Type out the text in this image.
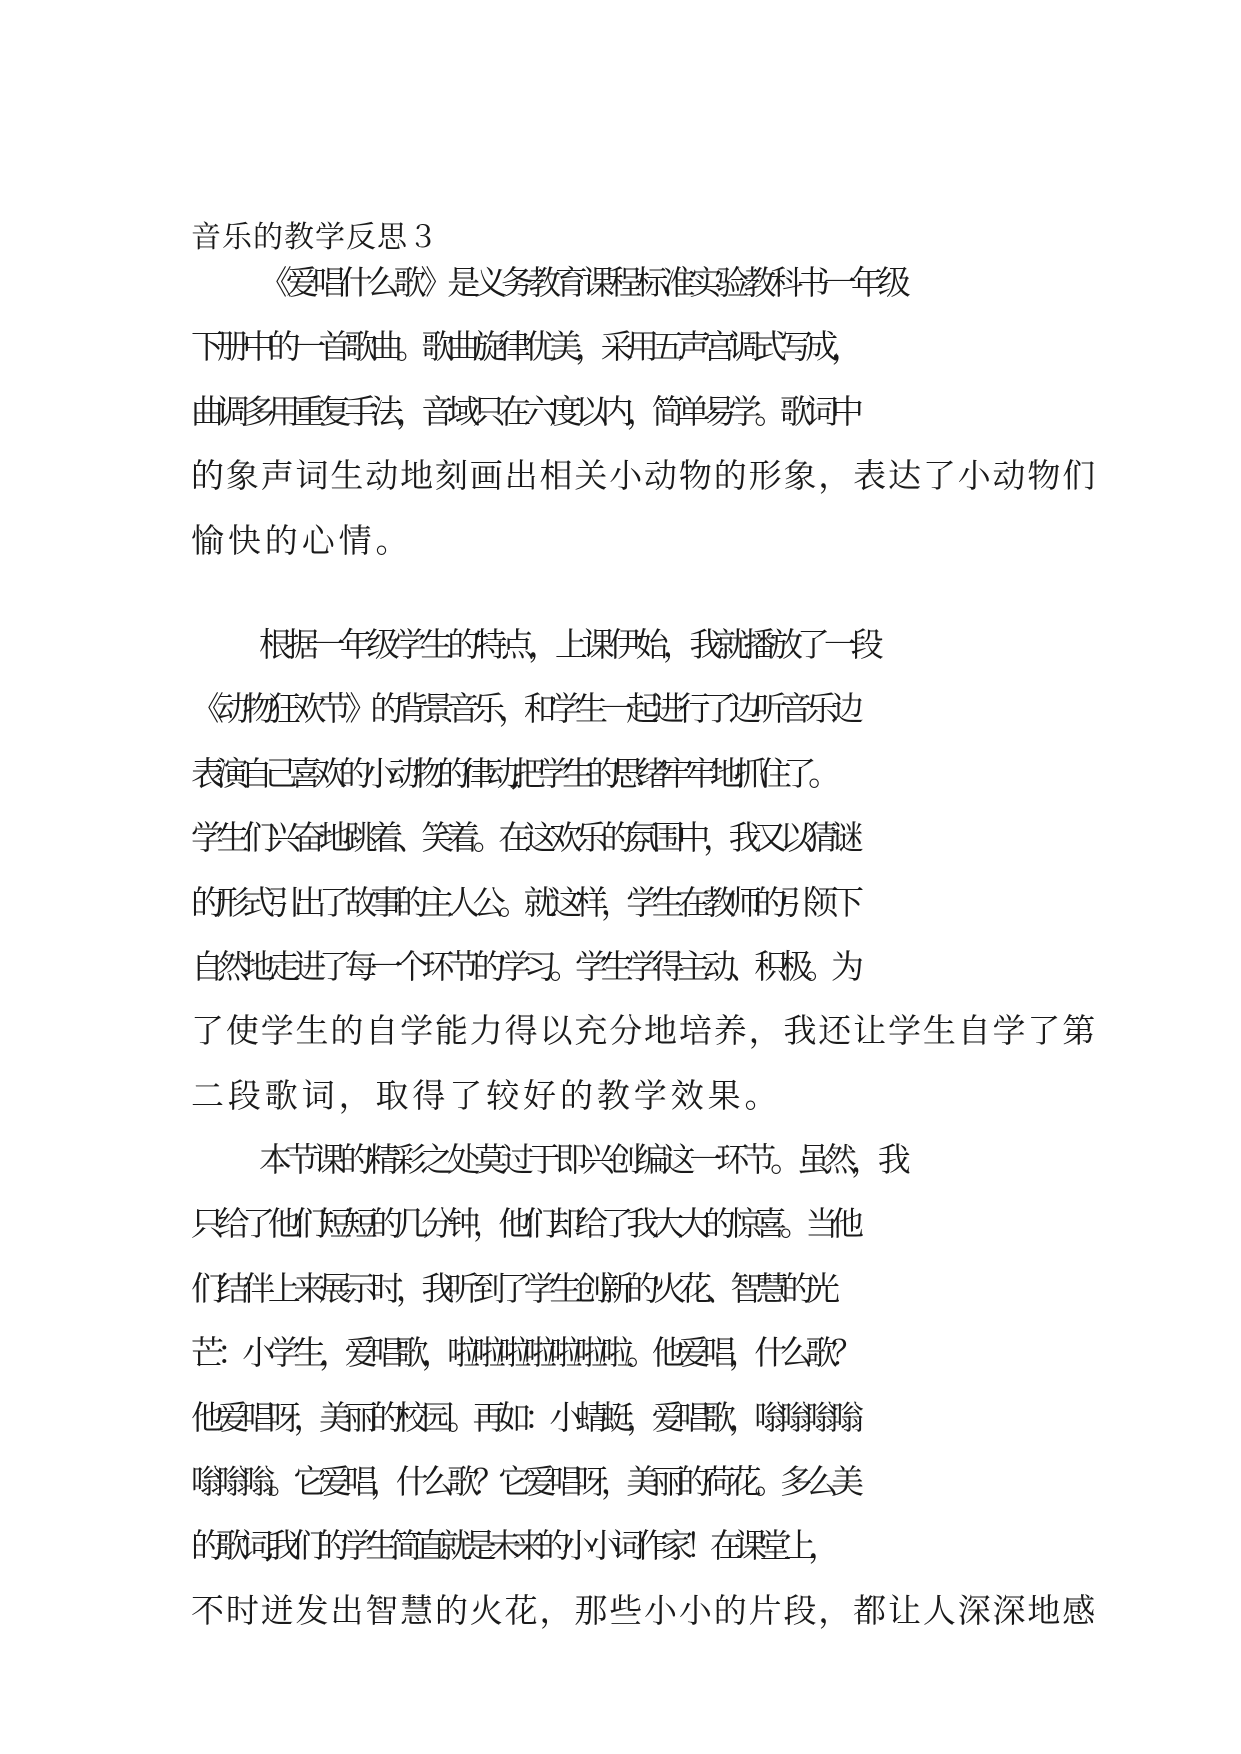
音乐的教学反思３
《爱唱什么歌》是义务教育课程标准实验教科书一年级
下册中的一首歌曲。歌曲旋律优美，采用五声宫调式写成，
曲调多用重复手法，音域只在六度以内，简单易学。歌词中
的象声词生动地刻画出相关小动物的形象，表达了小动物们
愉快的心情。
根据一年级学生的特点，上课伊始，我就播放了一段
《动物狂欢节》的背景音乐，和学生一起进行了边听音乐边
表演自己喜欢的小动物的律动,把学生的思绪牢牢地抓住了。
学生们兴奋地跳着、笑着。在这欢乐的氛围中，我又以猜谜
的形式引出了故事的主人公。就这样，学生在教师的引领下
自然地走进了每一个环节的学习。学生学得主动、积极。为
了使学生的自学能力得以充分地培养，我还让学生自学了第
二段歌词，取得了较好的教学效果。
本节课的精彩之处莫过于即兴创编这一环节。虽然，我
只给了他们短短的几分钟，他们却给了我大大的惊喜。当他
们结伴上来展示时，我听到了学生创新的'火花、智慧的光
芒：小学生，爱唱歌，啦啦啦啦啦啦啦。他爱唱，什么歌？
他爱唱呀，美丽的校园。再如：小蜻蜓，爱唱歌，嗡嗡嗡嗡
嗡嗡嗡。它爱唱，什么歌？它爱唱呀，美丽的荷花。多么美
的歌词,我们的学生简直就是未来的小小词作家！在课堂上，
不时迸发出智慧的火花，那些小小的片段，都让人深深地感
